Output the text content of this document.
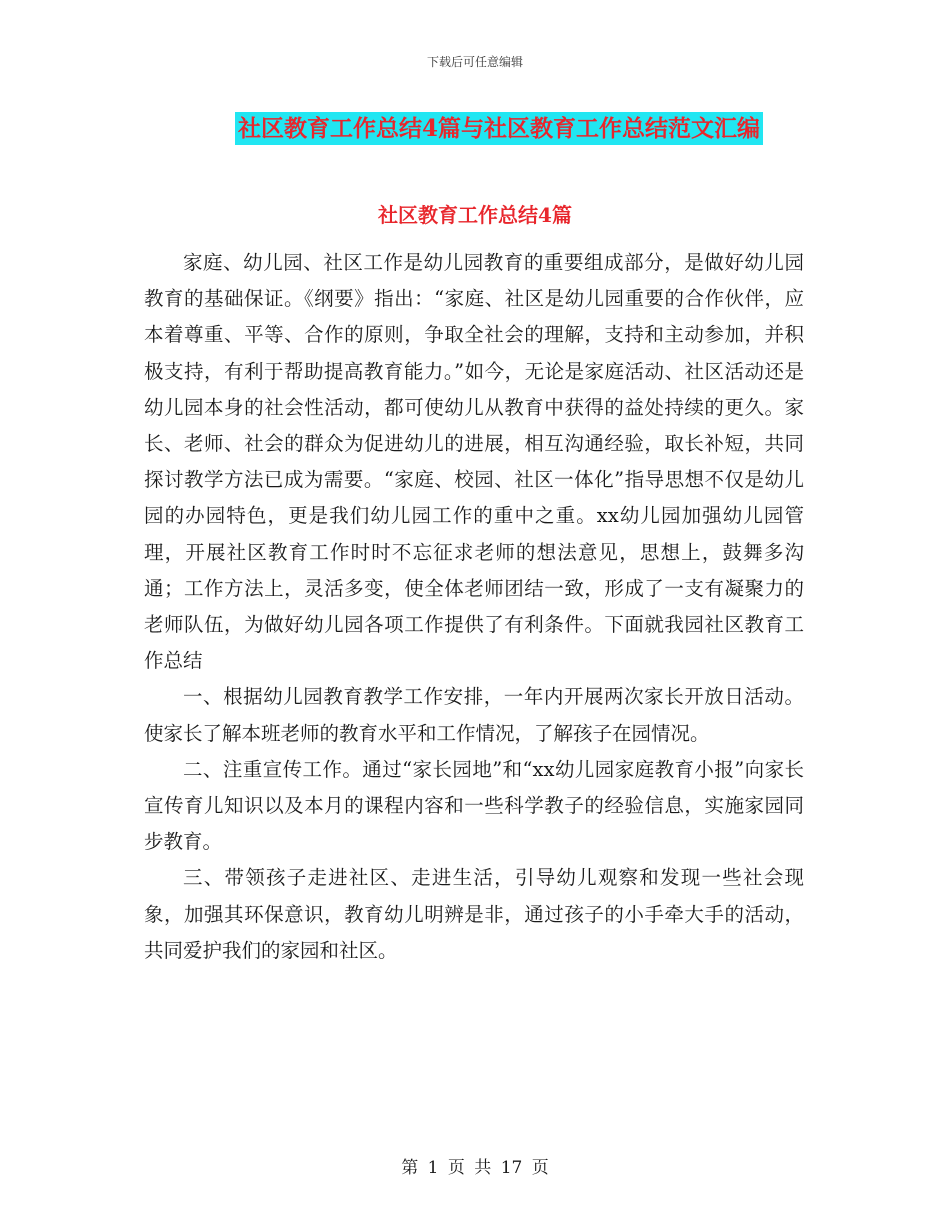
下载后可任意编辑
社区教育工作总结4篇与社区教育工作总结范文汇编
社区教育工作总结4篇

家庭、幼儿园、社区工作是幼儿园教育的重要组成部分，是做好幼儿园教育的基础保证。《纲要》指出：“家庭、社区是幼儿园重要的合作伙伴，应本着尊重、平等、合作的原则，争取全社会的理解，支持和主动参加，并积极支持，有利于帮助提高教育能力。”如今，无论是家庭活动、社区活动还是幼儿园本身的社会性活动，都可使幼儿从教育中获得的益处持续的更久。家长、老师、社会的群众为促进幼儿的进展，相互沟通经验，取长补短，共同探讨教学方法已成为需要。“家庭、校园、社区一体化”指导思想不仅是幼儿园的办园特色，更是我们幼儿园工作的重中之重。xx幼儿园加强幼儿园管理，开展社区教育工作时时不忘征求老师的想法意见，思想上，鼓舞多沟通；工作方法上，灵活多变，使全体老师团结一致，形成了一支有凝聚力的老师队伍，为做好幼儿园各项工作提供了有利条件。下面就我园社区教育工作总结

一、根据幼儿园教育教学工作安排，一年内开展两次家长开放日活动。使家长了解本班老师的教育水平和工作情况，了解孩子在园情况。

二、注重宣传工作。通过“家长园地”和“xx幼儿园家庭教育小报”向家长宣传育儿知识以及本月的课程内容和一些科学教子的经验信息，实施家园同步教育。

三、带领孩子走进社区、走进生活，引导幼儿观察和发现一些社会现象，加强其环保意识，教育幼儿明辨是非，通过孩子的小手牵大手的活动，共同爱护我们的家园和社区。

第 1 页 共 17 页
